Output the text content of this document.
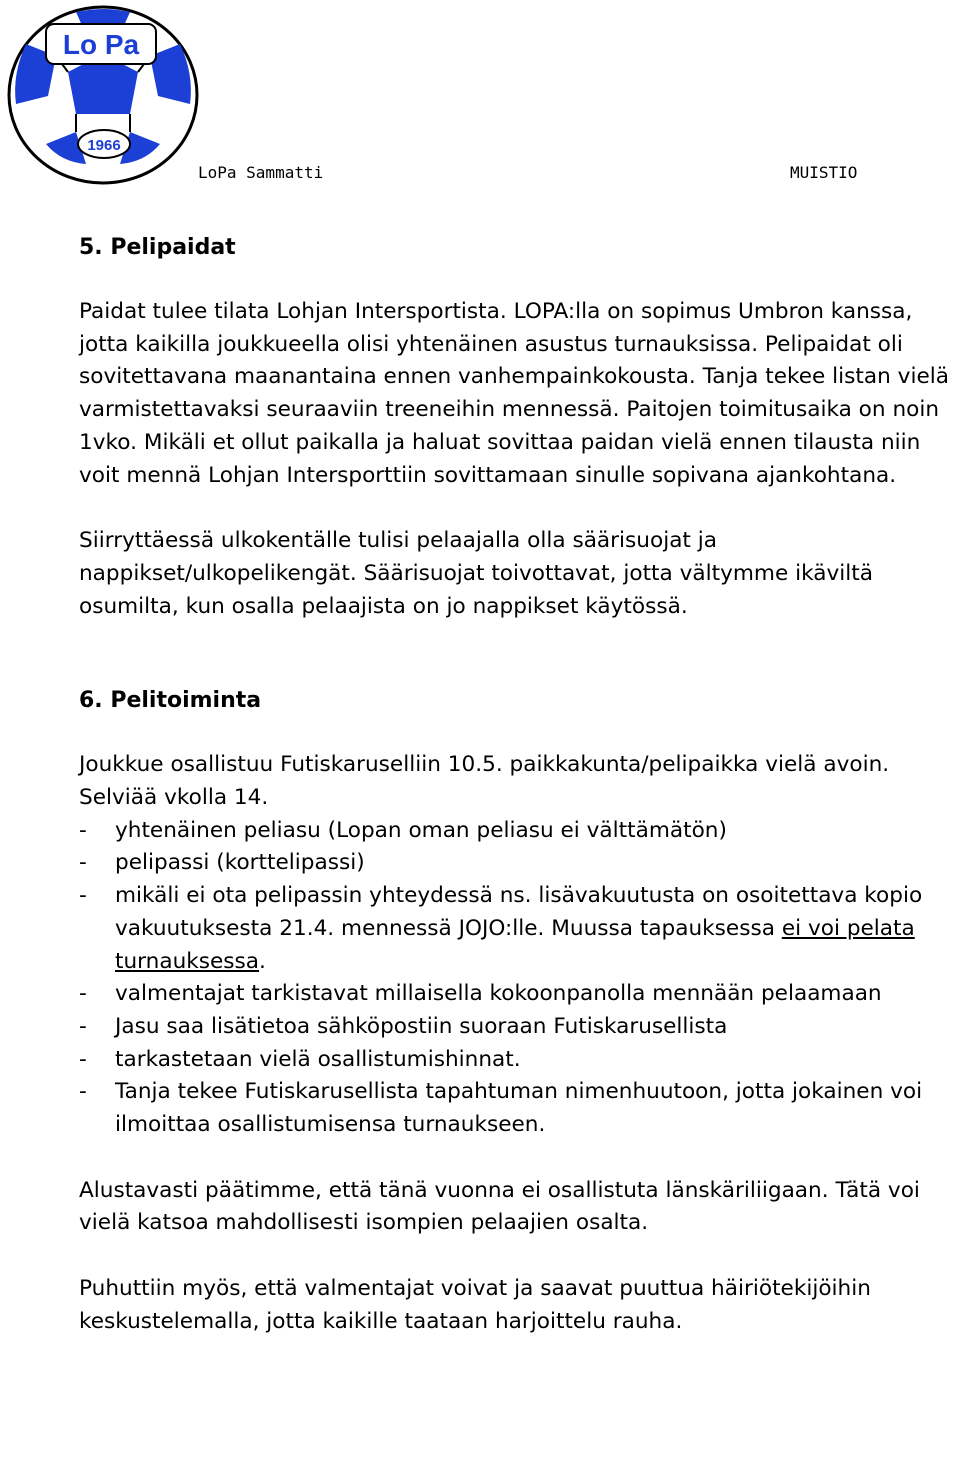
Lo Pa
1966
LoPa Sammatti	MUISTIO
5. Pelipaidat

Paidat tulee tilata Lohjan Intersportista. LOPA:lla on sopimus Umbron kanssa, jotta kaikilla joukkueella olisi yhtenäinen asustus turnauksissa. Pelipaidat oli sovitettavana maanantaina ennen vanhempainkokousta. Tanja tekee listan vielä varmistettavaksi seuraaviin treeneihin mennessä. Paitojen toimitusaika on noin 1vko. Mikäli et ollut paikalla ja haluat sovittaa paidan vielä ennen tilausta niin voit mennä Lohjan Intersporttiin sovittamaan sinulle sopivana ajankohtana.

Siirryttäessä ulkokentälle tulisi pelaajalla olla säärisuojat ja nappikset/ulkopelikengät. Säärisuojat toivottavat, jotta vältymme ikäviltä osumilta, kun osalla pelaajista on jo nappikset käytössä.

6. Pelitoiminta

Joukkue osallistuu Futiskaruselliin 10.5. paikkakunta/pelipaikka vielä avoin. Selviää vkolla 14.

- yhtenäinen peliasu (Lopan oman peliasu ei välttämätön)
- pelipassi (korttelipassi)
- mikäli ei ota pelipassin yhteydessä ns. lisävakuutusta on osoitettava kopio vakuutuksesta 21.4. mennessä JOJO:lle. Muussa tapauksessa ei voi pelata turnauksessa.
- valmentajat tarkistavat millaisella kokoonpanolla mennään pelaamaan
- Jasu saa lisätietoa sähköpostiin suoraan Futiskarusellista
- tarkastetaan vielä osallistumishinnat.
- Tanja tekee Futiskarusellista tapahtuman nimenhuutoon, jotta jokainen voi ilmoittaa osallistumisensa turnaukseen.

Alustavasti päätimme, että tänä vuonna ei osallistuta länskäriliigaan. Tätä voi vielä katsoa mahdollisesti isompien pelaajien osalta.

Puhuttiin myös, että valmentajat voivat ja saavat puuttua häiriötekijöihin keskustelemalla, jotta kaikille taataan harjoittelu rauha.
